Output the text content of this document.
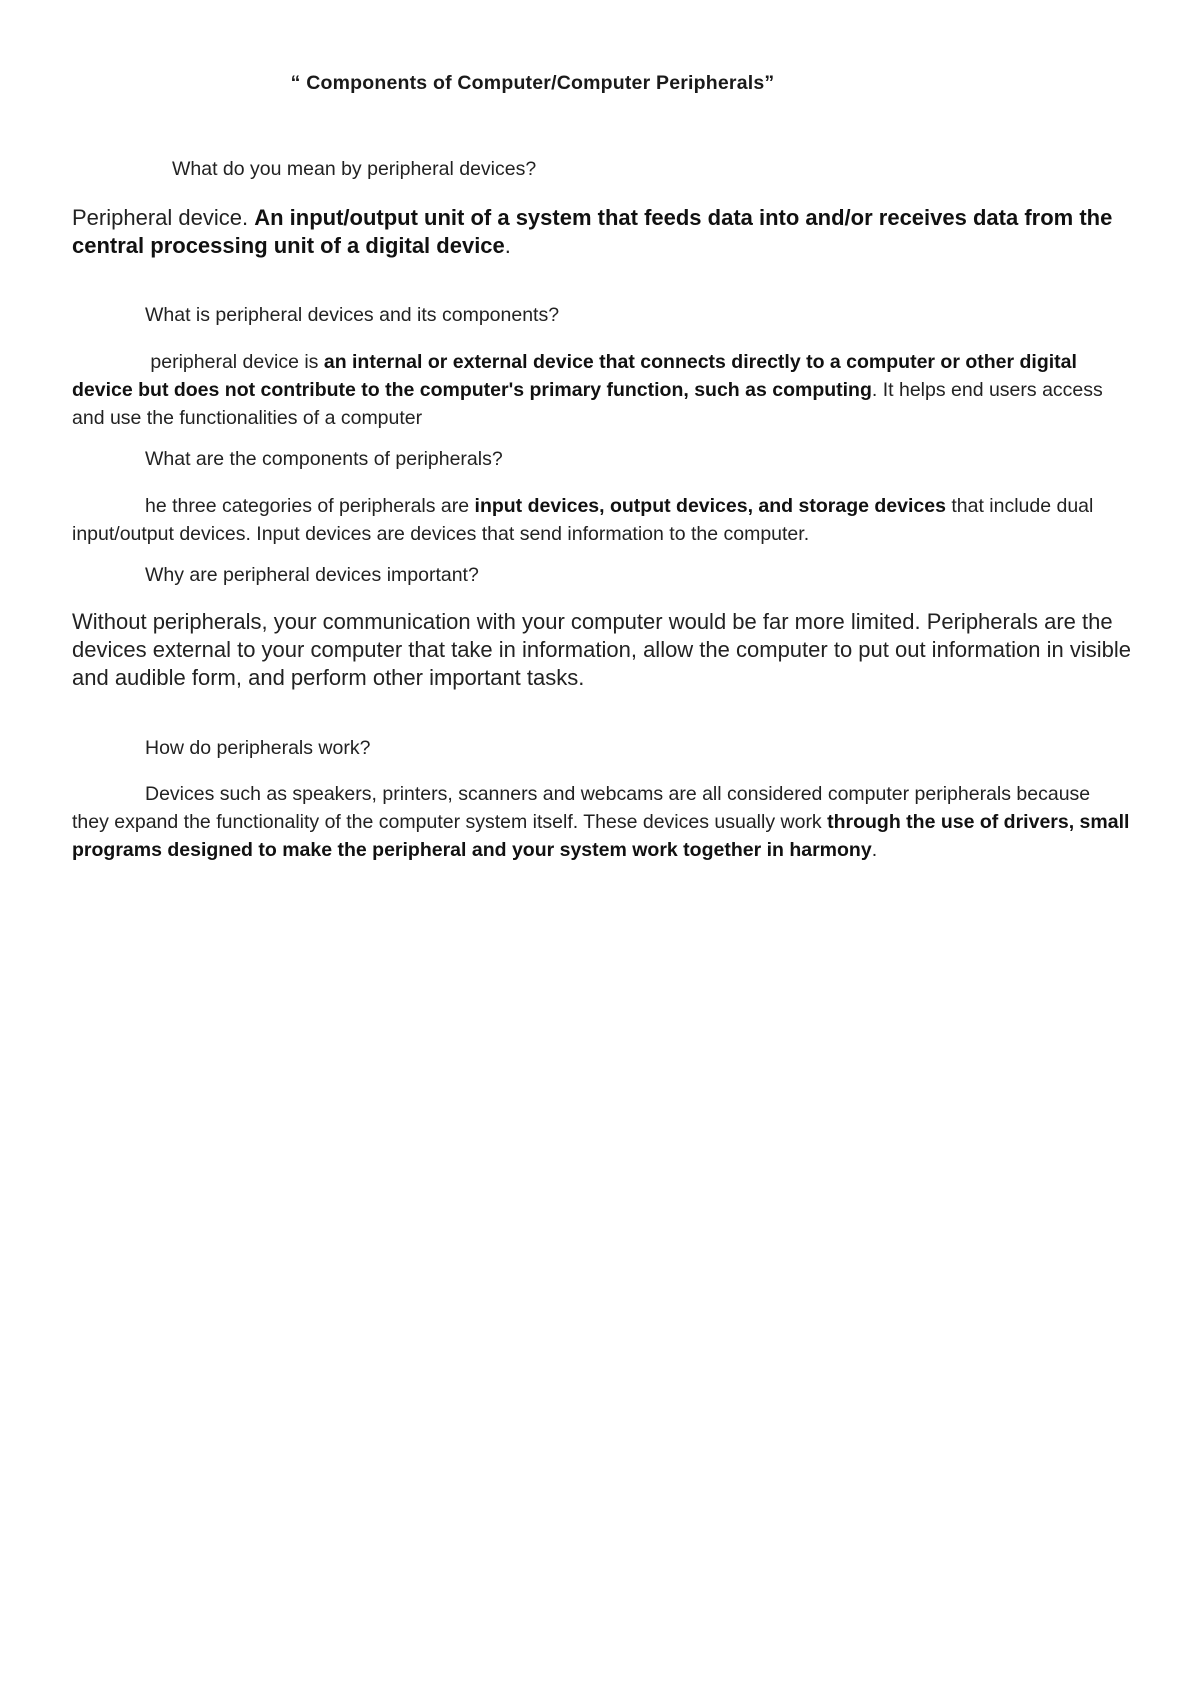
“ Components of Computer/Computer Peripherals”

What do you mean by peripheral devices?

Peripheral device. An input/output unit of a system that feeds data into and/or receives data from the central processing unit of a digital device.

What is peripheral devices and its components?

peripheral device is an internal or external device that connects directly to a computer or other digital device but does not contribute to the computer's primary function, such as computing. It helps end users access and use the functionalities of a computer

What are the components of peripherals?

he three categories of peripherals are input devices, output devices, and storage devices that include dual input/output devices. Input devices are devices that send information to the computer.

Why are peripheral devices important?

Without peripherals, your communication with your computer would be far more limited. Peripherals are the devices external to your computer that take in information, allow the computer to put out information in visible and audible form, and perform other important tasks.

How do peripherals work?

Devices such as speakers, printers, scanners and webcams are all considered computer peripherals because they expand the functionality of the computer system itself. These devices usually work through the use of drivers, small programs designed to make the peripheral and your system work together in harmony.
